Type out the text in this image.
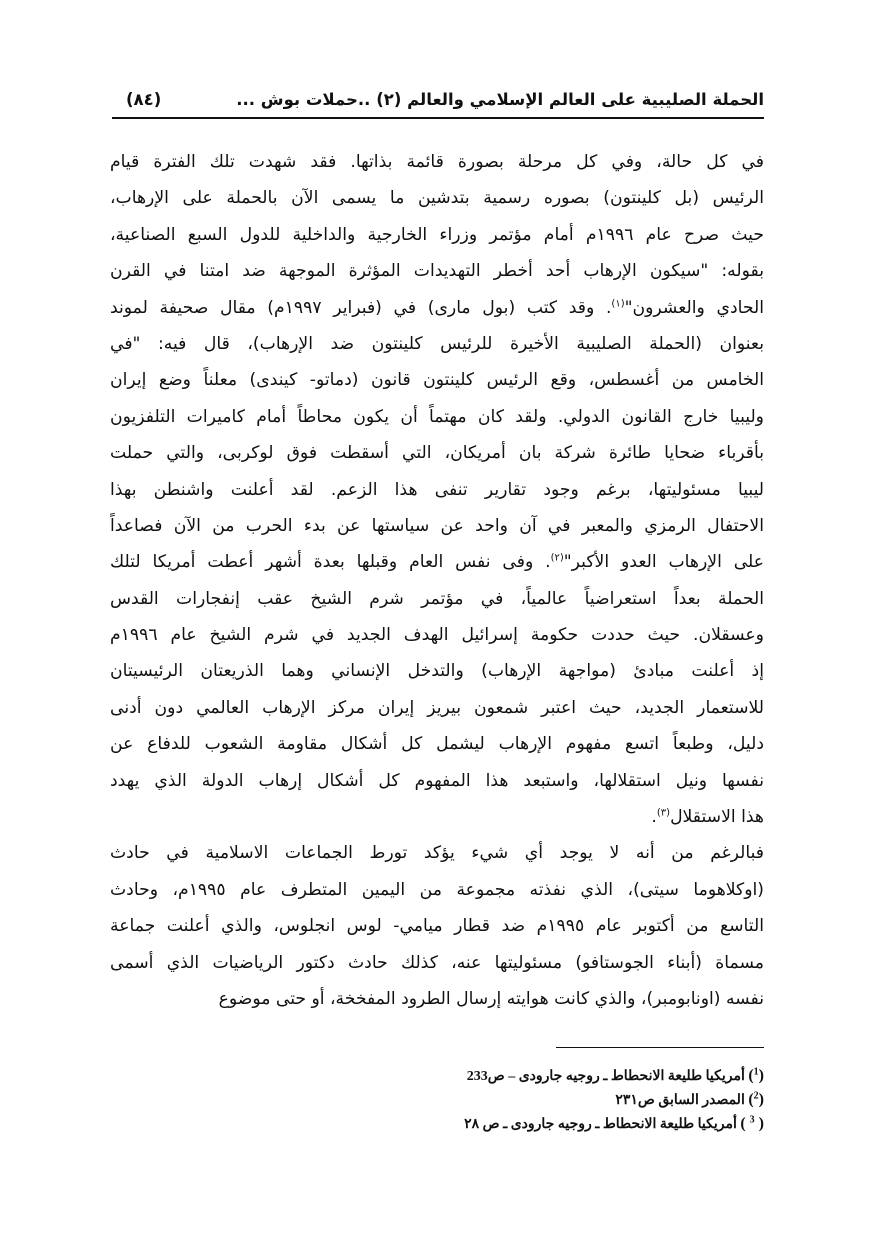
الحملة الصليبية على العالم الإسلامي والعالم (٢) ..حملات بوش ...
(٨٤)
في كل حالة، وفي كل مرحلة بصورة قائمة بذاتها. فقد شهدت تلك الفترة قيام
الرئيس (بل كلينتون) بصوره رسمية بتدشين ما يسمى الآن بالحملة على الإرهاب،
حيث صرح عام ١٩٩٦م أمام مؤتمر وزراء الخارجية والداخلية للدول السبع الصناعية،
بقوله: "سيكون الإرهاب أحد أخطر التهديدات المؤثرة الموجهة ضد امتنا في القرن
الحادي والعشرون"$^{(١)}$. وقد كتب (بول مارى) في (فبراير ١٩٩٧م) مقال صحيفة لموند
بعنوان (الحملة الصليبية الأخيرة للرئيس كلينتون ضد الإرهاب)، قال فيه: "في
الخامس من أغسطس، وقع الرئيس كلينتون قانون (دماتو- كيندى) معلناً وضع إيران
وليبيا خارج القانون الدولي. ولقد كان مهتماً أن يكون محاطاً أمام كاميرات التلفزيون
بأقرباء ضحايا طائرة شركة بان أمريكان، التي أسقطت فوق لوكربى، والتي حملت
ليبيا مسئوليتها، برغم وجود تقارير تنفى هذا الزعم. لقد أعلنت واشنطن بهذا
الاحتفال الرمزي والمعبر في آن واحد عن سياستها عن بدء الحرب من الآن فصاعداً
على الإرهاب العدو الأكبر"$^{(٢)}$. وفى نفس العام وقبلها بعدة أشهر أعطت أمريكا لتلك
الحملة بعداً استعراضياً عالمياً، في مؤتمر شرم الشيخ عقب إنفجارات القدس
وعسقلان. حيث حددت حكومة إسرائيل الهدف الجديد في شرم الشيخ عام ١٩٩٦م
إذ أعلنت مبادئ (مواجهة الإرهاب) والتدخل الإنساني وهما الذريعتان الرئيسيتان
للاستعمار الجديد، حيث اعتبر شمعون بيريز إيران مركز الإرهاب العالمي دون أدنى
دليل، وطبعاً اتسع مفهوم الإرهاب ليشمل كل أشكال مقاومة الشعوب للدفاع عن
نفسها ونيل استقلالها، واستبعد هذا المفهوم كل أشكال إرهاب الدولة الذي يهدد
هذا الاستقلال$^{(٣)}$.
فبالرغم من أنه لا يوجد أي شيء يؤكد تورط الجماعات الاسلامية في حادث
(اوكلاهوما سيتى)، الذي نفذته مجموعة من اليمين المتطرف عام ١٩٩٥م، وحادث
التاسع من أكتوبر عام ١٩٩٥م ضد قطار ميامي- لوس انجلوس، والذي أعلنت جماعة
مسماة (أبناء الجوستافو) مسئوليتها عنه، كذلك حادث دكتور الرياضيات الذي أسمى
نفسه (اونابومبر)، والذي كانت هوايته إرسال الطرود المفخخة، أو حتى موضوع
($^1$) أمريكيا طليعة الانحطاط ـ روجيه جارودى – ص233
($^2$) المصدر السابق ص٢٣١
( $^3$ ) أمريكيا طليعة الانحطاط ـ روجيه جارودى ـ ص ٢٨
